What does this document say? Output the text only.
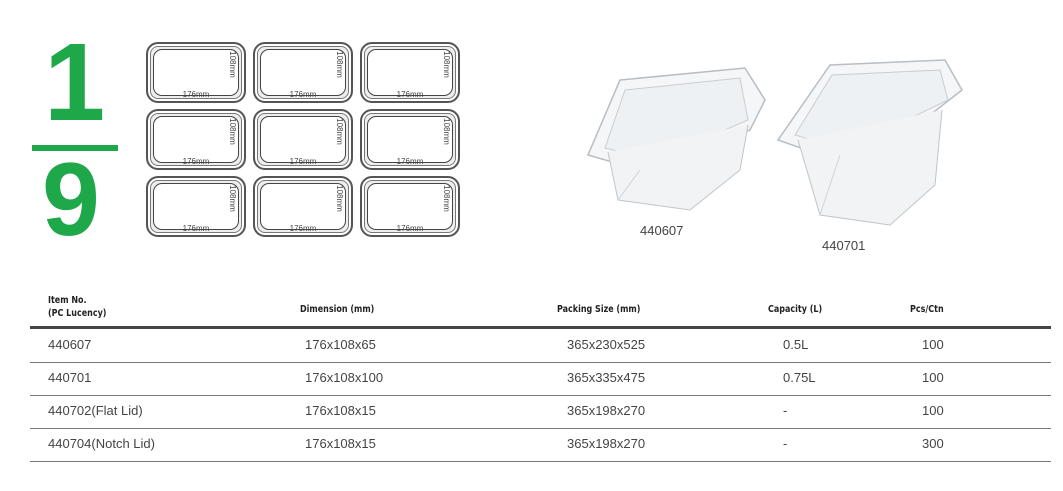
1
9
176mm
108mm
176mm
108mm
176mm
108mm
176mm
108mm
176mm
108mm
176mm
108mm
176mm
108mm
176mm
108mm
176mm
108mm
440607
440701
Item No.
(PC Lucency)	Dimension (mm)	Packing Size (mm)	Capacity (L)	Pcs/Ctn
440607	176x108x65	365x230x525	0.5L	100
440701	176x108x100	365x335x475	0.75L	100
440702(Flat Lid)	176x108x15	365x198x270	-	100
440704(Notch Lid)	176x108x15	365x198x270	-	300
